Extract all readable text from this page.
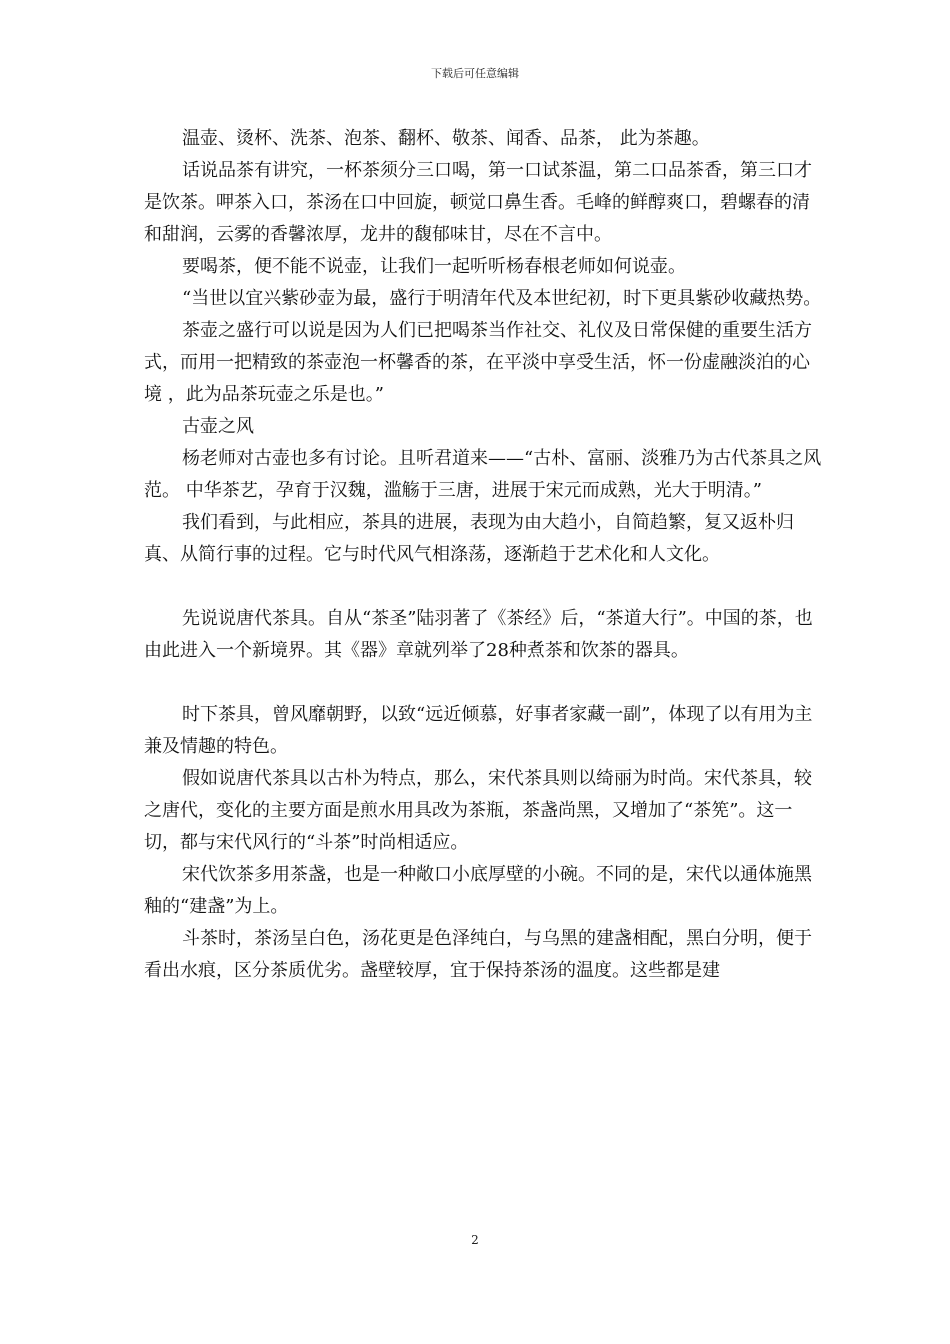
下载后可任意编辑

温壶、烫杯、洗茶、泡茶、翻杯、敬茶、闻香、品茶， 此为茶趣。

话说品茶有讲究，一杯茶须分三口喝，第一口试茶温，第二口品茶香，第三口才是饮茶。呷茶入口，茶汤在口中回旋，顿觉口鼻生香。毛峰的鲜醇爽口，碧螺春的清和甜润，云雾的香馨浓厚，龙井的馥郁味甘，尽在不言中。

要喝茶，便不能不说壶，让我们一起听听杨春根老师如何说壶。

“当世以宜兴紫砂壶为最，盛行于明清年代及本世纪初，时下更具紫砂收藏热势。

茶壶之盛行可以说是因为人们已把喝茶当作社交、礼仪及日常保健的重要生活方式，而用一把精致的茶壶泡一杯馨香的茶，在平淡中享受生活，怀一份虚融淡泊的心境 ，此为品茶玩壶之乐是也。”

古壶之风

杨老师对古壶也多有讨论。且听君道来——“古朴、富丽、淡雅乃为古代茶具之风范。 中华茶艺，孕育于汉魏，滥觞于三唐，进展于宋元而成熟，光大于明清。”

我们看到，与此相应，茶具的进展，表现为由大趋小，自简趋繁，复又返朴归真、从简行事的过程。它与时代风气相涤荡，逐渐趋于艺术化和人文化。

先说说唐代茶具。自从“茶圣”陆羽著了《茶经》后，“茶道大行”。中国的茶，也由此进入一个新境界。其《器》章就列举了28种煮茶和饮茶的器具。

时下茶具，曾风靡朝野，以致“远近倾慕，好事者家藏一副”，体现了以有用为主兼及情趣的特色。

假如说唐代茶具以古朴为特点，那么，宋代茶具则以绮丽为时尚。宋代茶具，较之唐代，变化的主要方面是煎水用具改为茶瓶，茶盏尚黑，又增加了“茶筅”。这一切，都与宋代风行的“斗茶”时尚相适应。

宋代饮茶多用茶盏，也是一种敞口小底厚壁的小碗。不同的是，宋代以通体施黑釉的“建盏”为上。

斗茶时，茶汤呈白色，汤花更是色泽纯白，与乌黑的建盏相配，黑白分明，便于看出水痕，区分茶质优劣。盏壁较厚，宜于保持茶汤的温度。这些都是建

2
